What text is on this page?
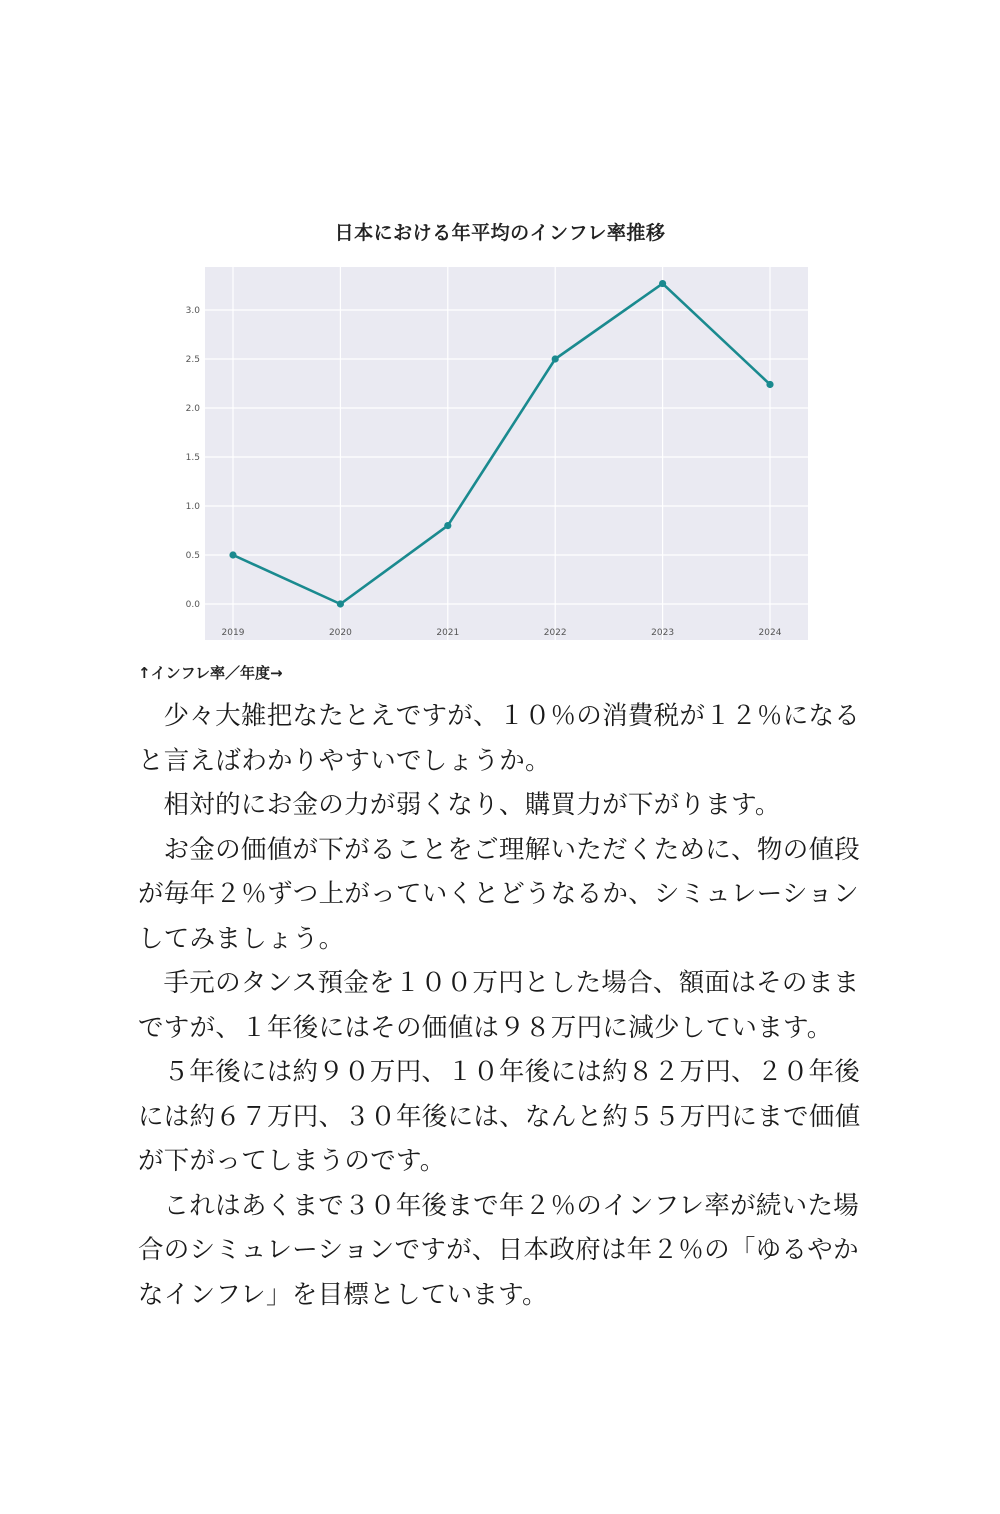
日本における年平均のインフレ率推移
0.0
0.5
1.0
1.5
2.0
2.5
3.0
2019	2020	2021	2022	2023	2024
↑インフレ率／年度→

少々大雑把なたとえですが、１０％の消費税が１２％になると言えばわかりやすいでしょうか。

相対的にお金の力が弱くなり、購買力が下がります。

お金の価値が下がることをご理解いただくために、物の値段が毎年２％ずつ上がっていくとどうなるか、シミュレーションしてみましょう。

手元のタンス預金を１００万円とした場合、額面はそのままですが、１年後にはその価値は９８万円に減少しています。

５年後には約９０万円、１０年後には約８２万円、２０年後には約６７万円、３０年後には、なんと約５５万円にまで価値が下がってしまうのです。

これはあくまで３０年後まで年２％のインフレ率が続いた場合のシミュレーションですが、日本政府は年２％の「ゆるやかなインフレ」を目標としています。
